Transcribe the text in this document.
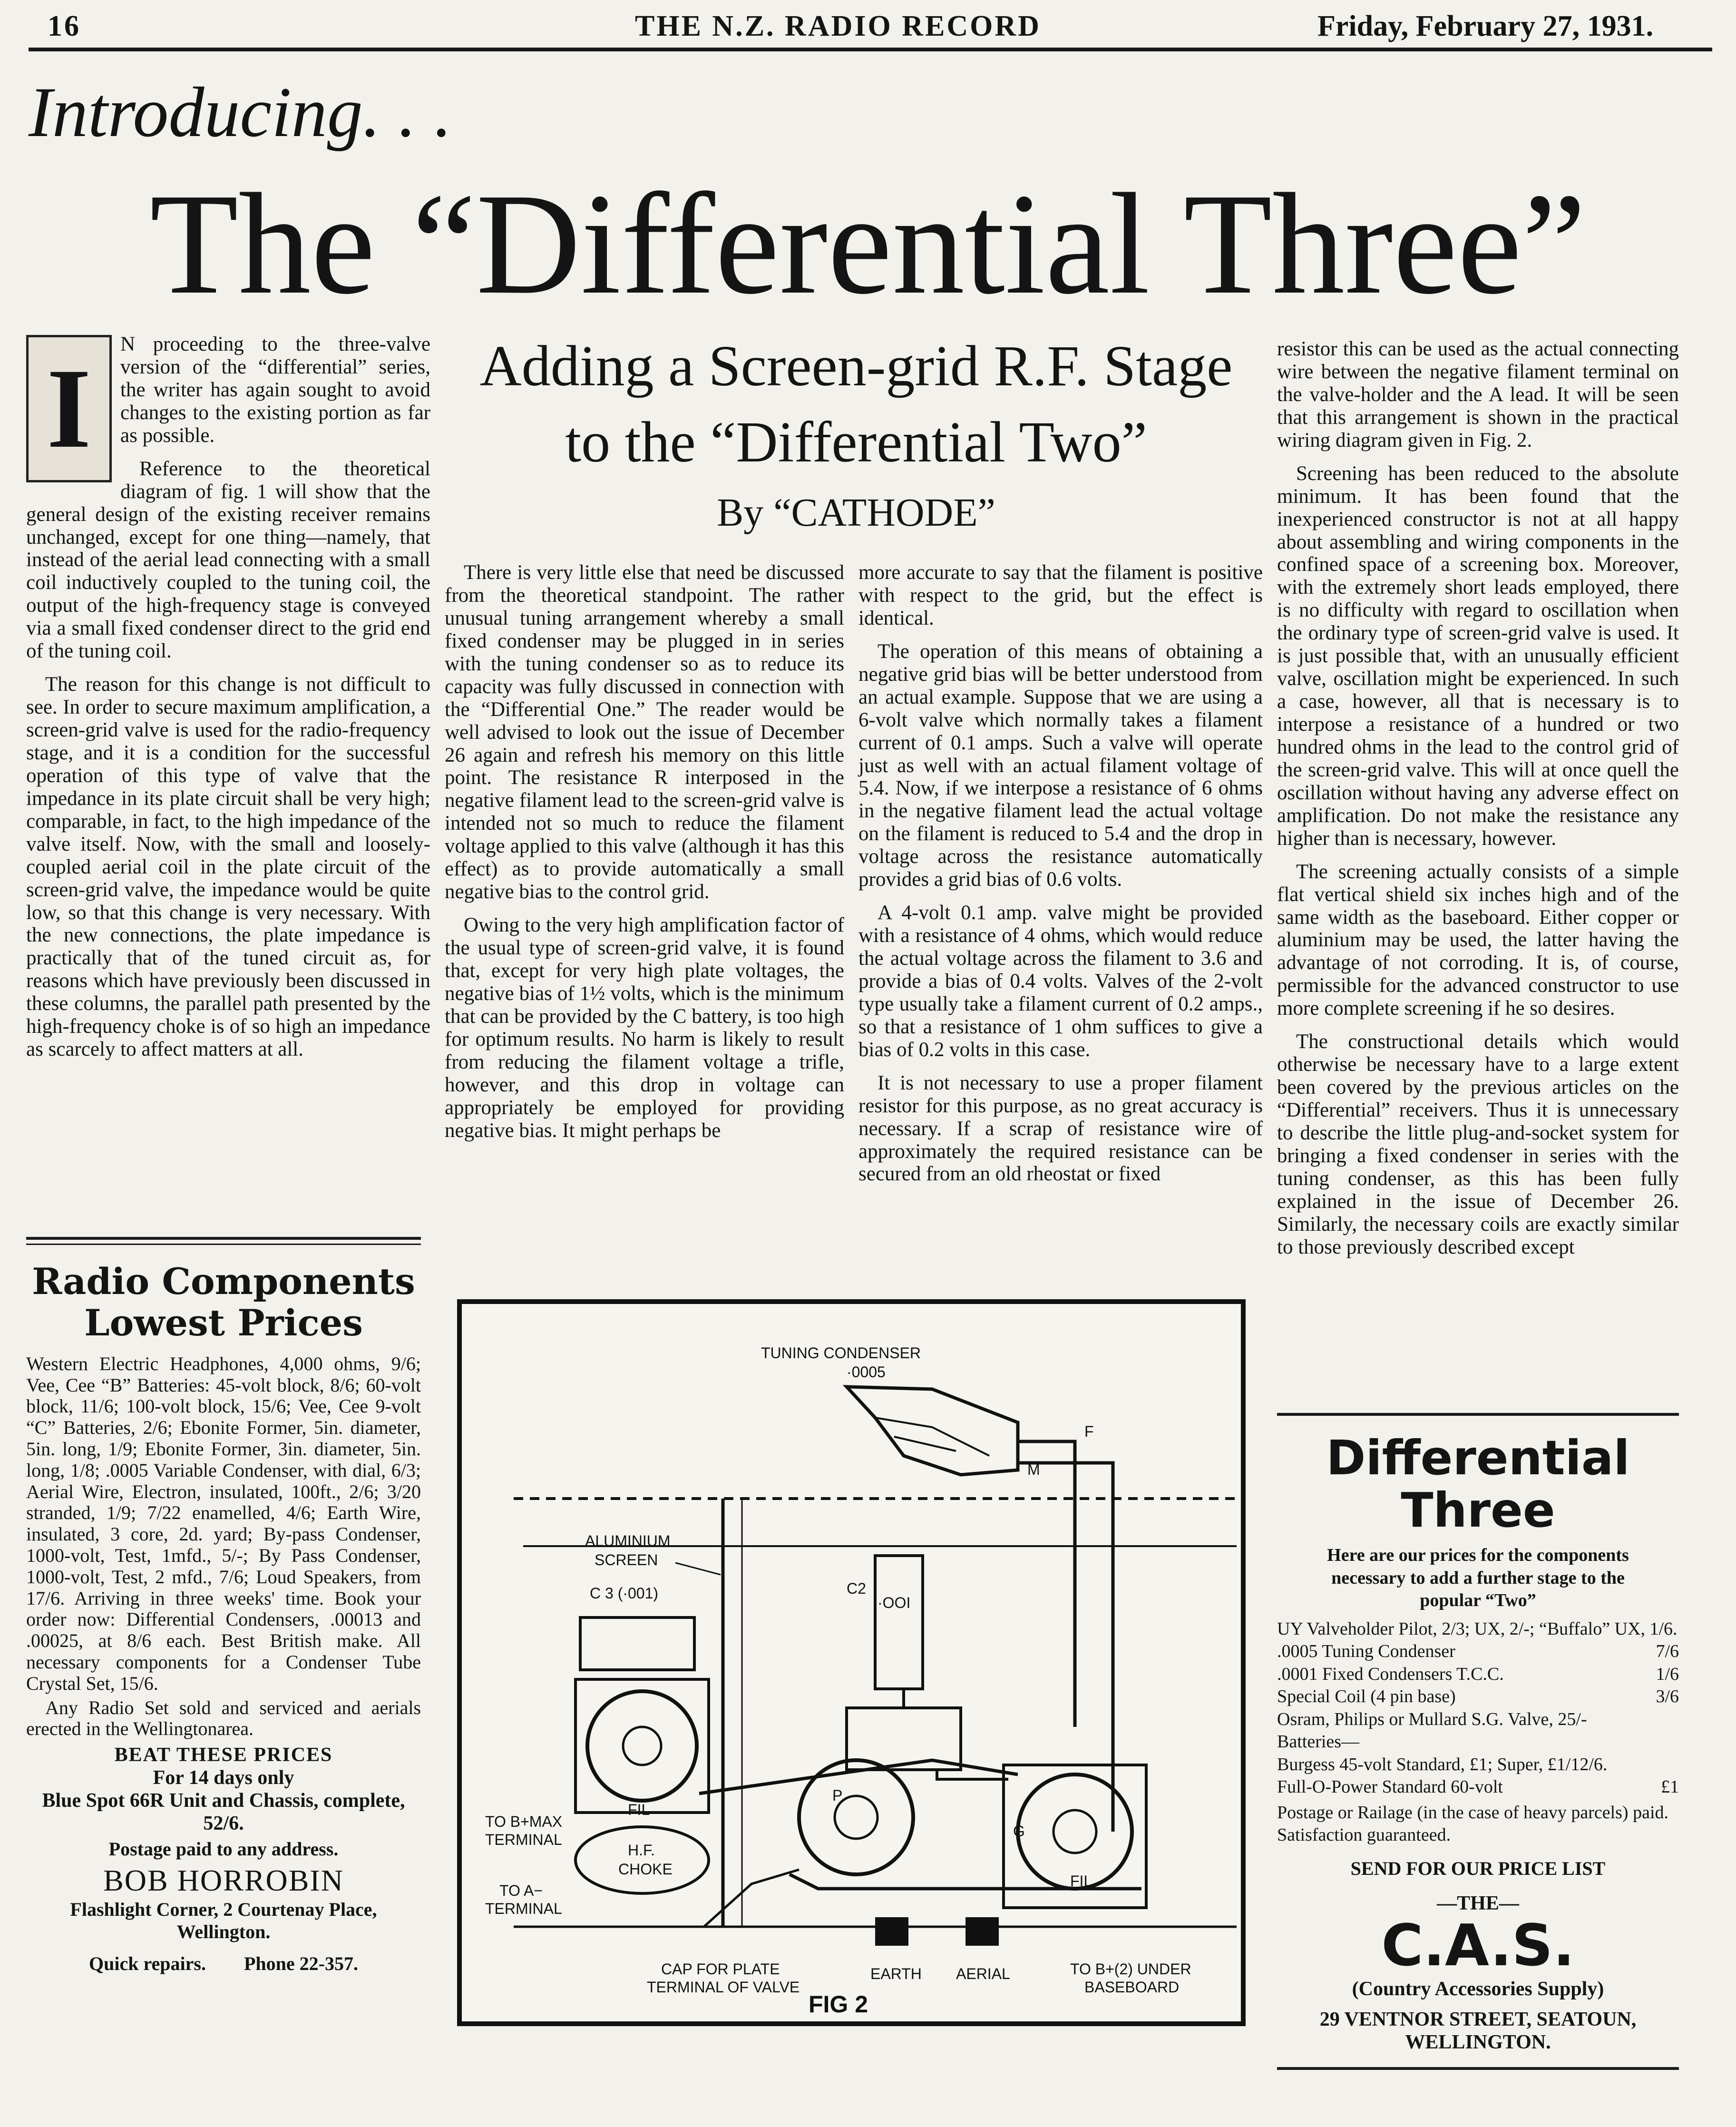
16	THE N.Z. RADIO RECORD	Friday, February 27, 1931.
Introducing. . .
The “Differential Three”
Adding a Screen-grid R.F. Stage
to the “Differential Two”
By “CATHODE”
I

N proceeding to the three-valve version of the “differential” series, the writer has again sought to avoid changes to the existing portion as far as possible.

Reference to the theoretical diagram of fig. 1 will show that the general design of the existing receiver remains unchanged, except for one thing—namely, that instead of the aerial lead connecting with a small coil inductively coupled to the tuning coil, the output of the high-frequency stage is conveyed via a small fixed condenser direct to the grid end of the tuning coil.

The reason for this change is not difficult to see. In order to secure maximum amplification, a screen-grid valve is used for the radio-frequency stage, and it is a condition for the successful operation of this type of valve that the impedance in its plate circuit shall be very high; comparable, in fact, to the high impedance of the valve itself. Now, with the small and loosely-coupled aerial coil in the plate circuit of the screen-grid valve, the impedance would be quite low, so that this change is very necessary. With the new connections, the plate impedance is practically that of the tuned circuit as, for reasons which have previously been discussed in these columns, the parallel path presented by the high-frequency choke is of so high an impedance as scarcely to affect matters at all.

There is very little else that need be discussed from the theoretical standpoint. The rather unusual tuning arrangement whereby a small fixed condenser may be plugged in in series with the tuning condenser so as to reduce its capacity was fully discussed in connection with the “Differential One.” The reader would be well advised to look out the issue of December 26 again and refresh his memory on this little point. The resistance R interposed in the negative filament lead to the screen-grid valve is intended not so much to reduce the filament voltage applied to this valve (although it has this effect) as to provide automatically a small negative bias to the control grid.

Owing to the very high amplification factor of the usual type of screen-grid valve, it is found that, except for very high plate voltages, the negative bias of 1½ volts, which is the minimum that can be provided by the C battery, is too high for optimum results. No harm is likely to result from reducing the filament voltage a trifle, however, and this drop in voltage can appropriately be employed for providing negative bias. It might perhaps be

more accurate to say that the filament is positive with respect to the grid, but the effect is identical.

The operation of this means of obtaining a negative grid bias will be better understood from an actual example. Suppose that we are using a 6-volt valve which normally takes a filament current of 0.1 amps. Such a valve will operate just as well with an actual filament voltage of 5.4. Now, if we interpose a resistance of 6 ohms in the negative filament lead the actual voltage on the filament is reduced to 5.4 and the drop in voltage across the resistance automatically provides a grid bias of 0.6 volts.

A 4-volt 0.1 amp. valve might be provided with a resistance of 4 ohms, which would reduce the actual voltage across the filament to 3.6 and provide a bias of 0.4 volts. Valves of the 2-volt type usually take a filament current of 0.2 amps., so that a resistance of 1 ohm suffices to give a bias of 0.2 volts in this case.

It is not necessary to use a proper filament resistor for this purpose, as no great accuracy is necessary. If a scrap of resistance wire of approximately the required resistance can be secured from an old rheostat or fixed

resistor this can be used as the actual connecting wire between the negative filament terminal on the valve-holder and the A lead. It will be seen that this arrangement is shown in the practical wiring diagram given in Fig. 2.

Screening has been reduced to the absolute minimum. It has been found that the inexperienced constructor is not at all happy about assembling and wiring components in the confined space of a screening box. Moreover, with the extremely short leads employed, there is no difficulty with regard to oscillation when the ordinary type of screen-grid valve is used. It is just possible that, with an unusually efficient valve, oscillation might be experienced. In such a case, however, all that is necessary is to interpose a resistance of a hundred or two hundred ohms in the lead to the control grid of the screen-grid valve. This will at once quell the oscillation without having any adverse effect on amplification. Do not make the resistance any higher than is necessary, however.

The screening actually consists of a simple flat vertical shield six inches high and of the same width as the baseboard. Either copper or aluminium may be used, the latter having the advantage of not corroding. It is, of course, permissible for the advanced constructor to use more complete screening if he so desires.

The constructional details which would otherwise be necessary have to a large extent been covered by the previous articles on the “Differential” receivers. Thus it is unnecessary to describe the little plug-and-socket system for bringing a fixed condenser in series with the tuning condenser, as this has been fully explained in the issue of December 26. Similarly, the necessary coils are exactly similar to those previously described except

Radio Components
Lowest Prices

Western Electric Headphones, 4,000 ohms, 9/6; Vee, Cee “B” Batteries: 45-volt block, 8/6; 60-volt block, 11/6; 100-volt block, 15/6; Vee, Cee 9-volt “C” Batteries, 2/6; Ebonite Former, 5in. diameter, 5in. long, 1/9; Ebonite Former, 3in. diameter, 5in. long, 1/8; .0005 Variable Condenser, with dial, 6/3; Aerial Wire, Electron, insulated, 100ft., 2/6; 3/20 stranded, 1/9; 7/22 enamelled, 4/6; Earth Wire, insulated, 3 core, 2d. yard; By-pass Condenser, 1000-volt, Test, 1mfd., 5/-; By Pass Condenser, 1000-volt, Test, 2 mfd., 7/6; Loud Speakers, from 17/6. Arriving in three weeks' time. Book your order now: Differential Condensers, .00013 and .00025, at 8/6 each. Best British make. All necessary components for a Condenser Tube Crystal Set, 15/6.

Any Radio Set sold and serviced and aerials erected in the Wellingtonarea.

BEAT THESE PRICES
For 14 days only
Blue Spot 66R Unit and Chassis, complete, 52/6.
Postage paid to any address.
BOB HORROBIN
Flashlight Corner, 2 Courtenay Place, Wellington.
Quick repairs. Phone 22-357.
TUNING CONDENSER
·0005
F
M
ALUMINIUM
SCREEN
C 3 (·001)
FIL
C2
·OOI
P
G
FIL
H.F.
CHOKE
TO B+MAX
TERMINAL
TO A−
TERMINAL
CAP FOR PLATE
TERMINAL OF VALVE
EARTH AERIAL	TO B+(2) UNDER
BASEBOARD
FIG 2
Differential Three
Here are our prices for the components necessary to add a further stage to the popular “Two”
UY Valveholder Pilot, 2/3; UX, 2/-; “Buffalo” UX, 1/6.
.0005 Tuning Condenser	7/6
.0001 Fixed Condensers T.C.C.	1/6
Special Coil (4 pin base)	3/6
Osram, Philips or Mullard S.G. Valve, 25/-
Batteries—
Burgess 45-volt Standard, £1; Super, £1/12/6.
Full-O-Power Standard 60-volt	£1
Postage or Railage (in the case of heavy parcels) paid. Satisfaction guaranteed.
SEND FOR OUR PRICE LIST
—THE—
C.A.S.
(Country Accessories Supply)
29 VENTNOR STREET, SEATOUN,
WELLINGTON.
